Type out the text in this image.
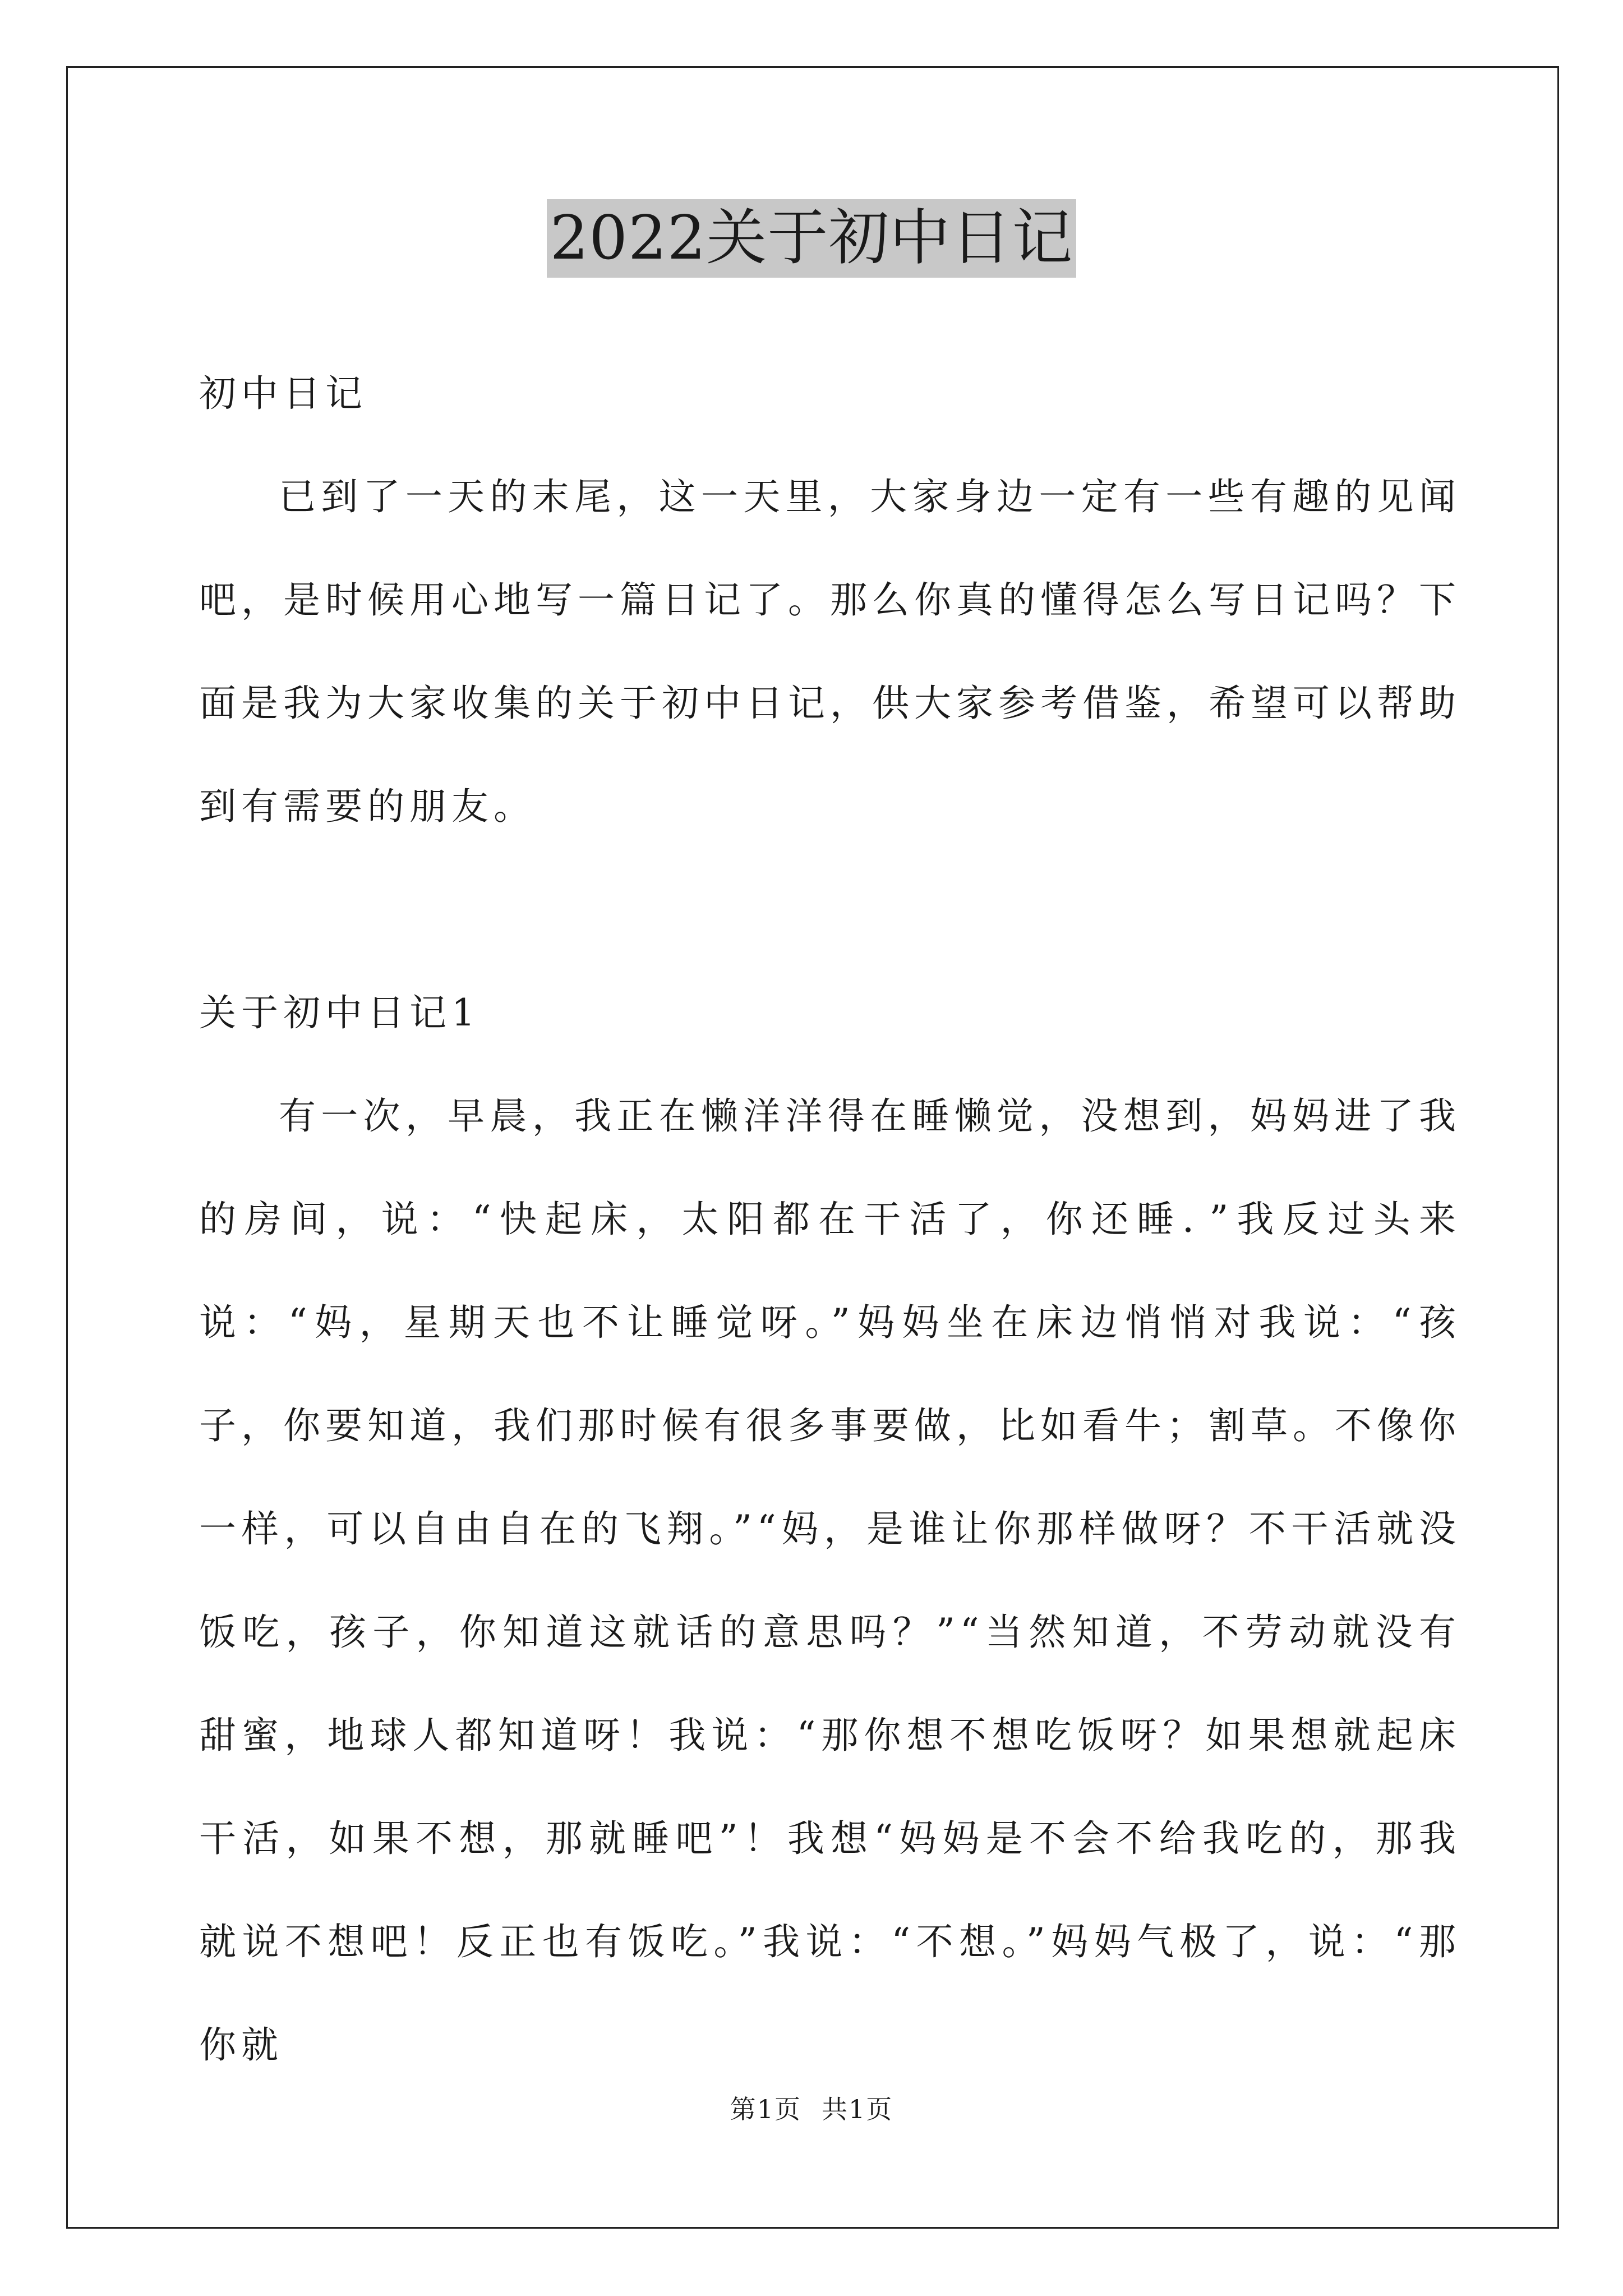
2022关于初中日记

初中日记

已到了一天的末尾，这一天里，大家身边一定有一些有趣的见闻吧，是时候用心地写一篇日记了。那么你真的懂得怎么写日记吗？下面是我为大家收集的关于初中日记，供大家参考借鉴，希望可以帮助到有需要的朋友。

关于初中日记1

有一次，早晨，我正在懒洋洋得在睡懒觉，没想到，妈妈进了我的房间，说：“快起床，太阳都在干活了，你还睡．”我反过头来说：“妈，星期天也不让睡觉呀。”妈妈坐在床边悄悄对我说：“孩子，你要知道，我们那时候有很多事要做，比如看牛；割草。不像你一样，可以自由自在的飞翔。”“妈，是谁让你那样做呀？不干活就没饭吃，孩子，你知道这就话的意思吗？”“当然知道，不劳动就没有甜蜜，地球人都知道呀！我说：“那你想不想吃饭呀？如果想就起床干活，如果不想，那就睡吧”！我想“妈妈是不会不给我吃的，那我就说不想吧！反正也有饭吃。”我说：“不想。”妈妈气极了，说：“那你就

第1页 共1页
